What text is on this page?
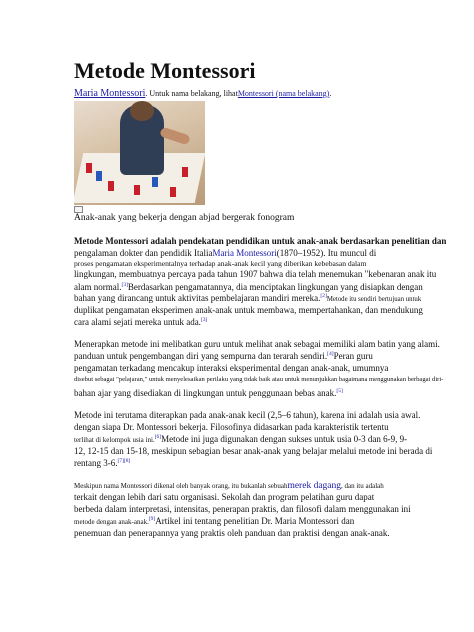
Metode Montessori
Maria Montessori. Untuk nama belakang, lihatMontessori (nama belakang).
Anak-anak yang bekerja dengan abjad bergerak fonogram
Metode Montessori adalah pendekatan pendidikan untuk anak-anak berdasarkan penelitian dan
pengalaman dokter dan pendidik ItaliaMaria Montessori(1870–1952). Itu muncul di
proses pengamatan eksperimentalnya terhadap anak-anak kecil yang diberikan kebebasan dalam
lingkungan, membuatnya percaya pada tahun 1907 bahwa dia telah menemukan "kebenaran anak itu
alam normal.[3]Berdasarkan pengamatannya, dia menciptakan lingkungan yang disiapkan dengan
bahan yang dirancang untuk aktivitas pembelajaran mandiri mereka.[2]Metode itu sendiri bertujuan untuk
duplikat pengamatan eksperimen anak-anak untuk membawa, mempertahankan, dan mendukung
cara alami sejati mereka untuk ada.[3]
Menerapkan metode ini melibatkan guru untuk melihat anak sebagai memiliki alam batin yang alami.
panduan untuk pengembangan diri yang sempurna dan terarah sendiri.[4]Peran guru
pengamatan terkadang mencakup interaksi eksperimental dengan anak-anak, umumnya
disebut sebagai "pelajaran," untuk menyelesaikan perilaku yang tidak baik atau untuk menunjukkan bagaimana menggunakan berbagai diri-
bahan ajar yang disediakan di lingkungan untuk penggunaan bebas anak.[5]
Metode ini terutama diterapkan pada anak-anak kecil (2,5–6 tahun), karena ini adalah usia awal.
dengan siapa Dr. Montessori bekerja. Filosofinya didasarkan pada karakteristik tertentu
terlihat di kelompok usia ini.[6]Metode ini juga digunakan dengan sukses untuk usia 0-3 dan 6-9, 9-
12, 12-15 dan 15-18, meskipun sebagian besar anak-anak yang belajar melalui metode ini berada di
rentang 3-6.[7][8]
Meskipun nama Montessori dikenal oleh banyak orang, itu bukanlah sebuahmerek dagang, dan itu adalah
terkait dengan lebih dari satu organisasi. Sekolah dan program pelatihan guru dapat
berbeda dalam interpretasi, intensitas, penerapan praktis, dan filosofi dalam menggunakan ini
metode dengan anak-anak.[9]Artikel ini tentang penelitian Dr. Maria Montessori dan
penemuan dan penerapannya yang praktis oleh panduan dan praktisi dengan anak-anak.
